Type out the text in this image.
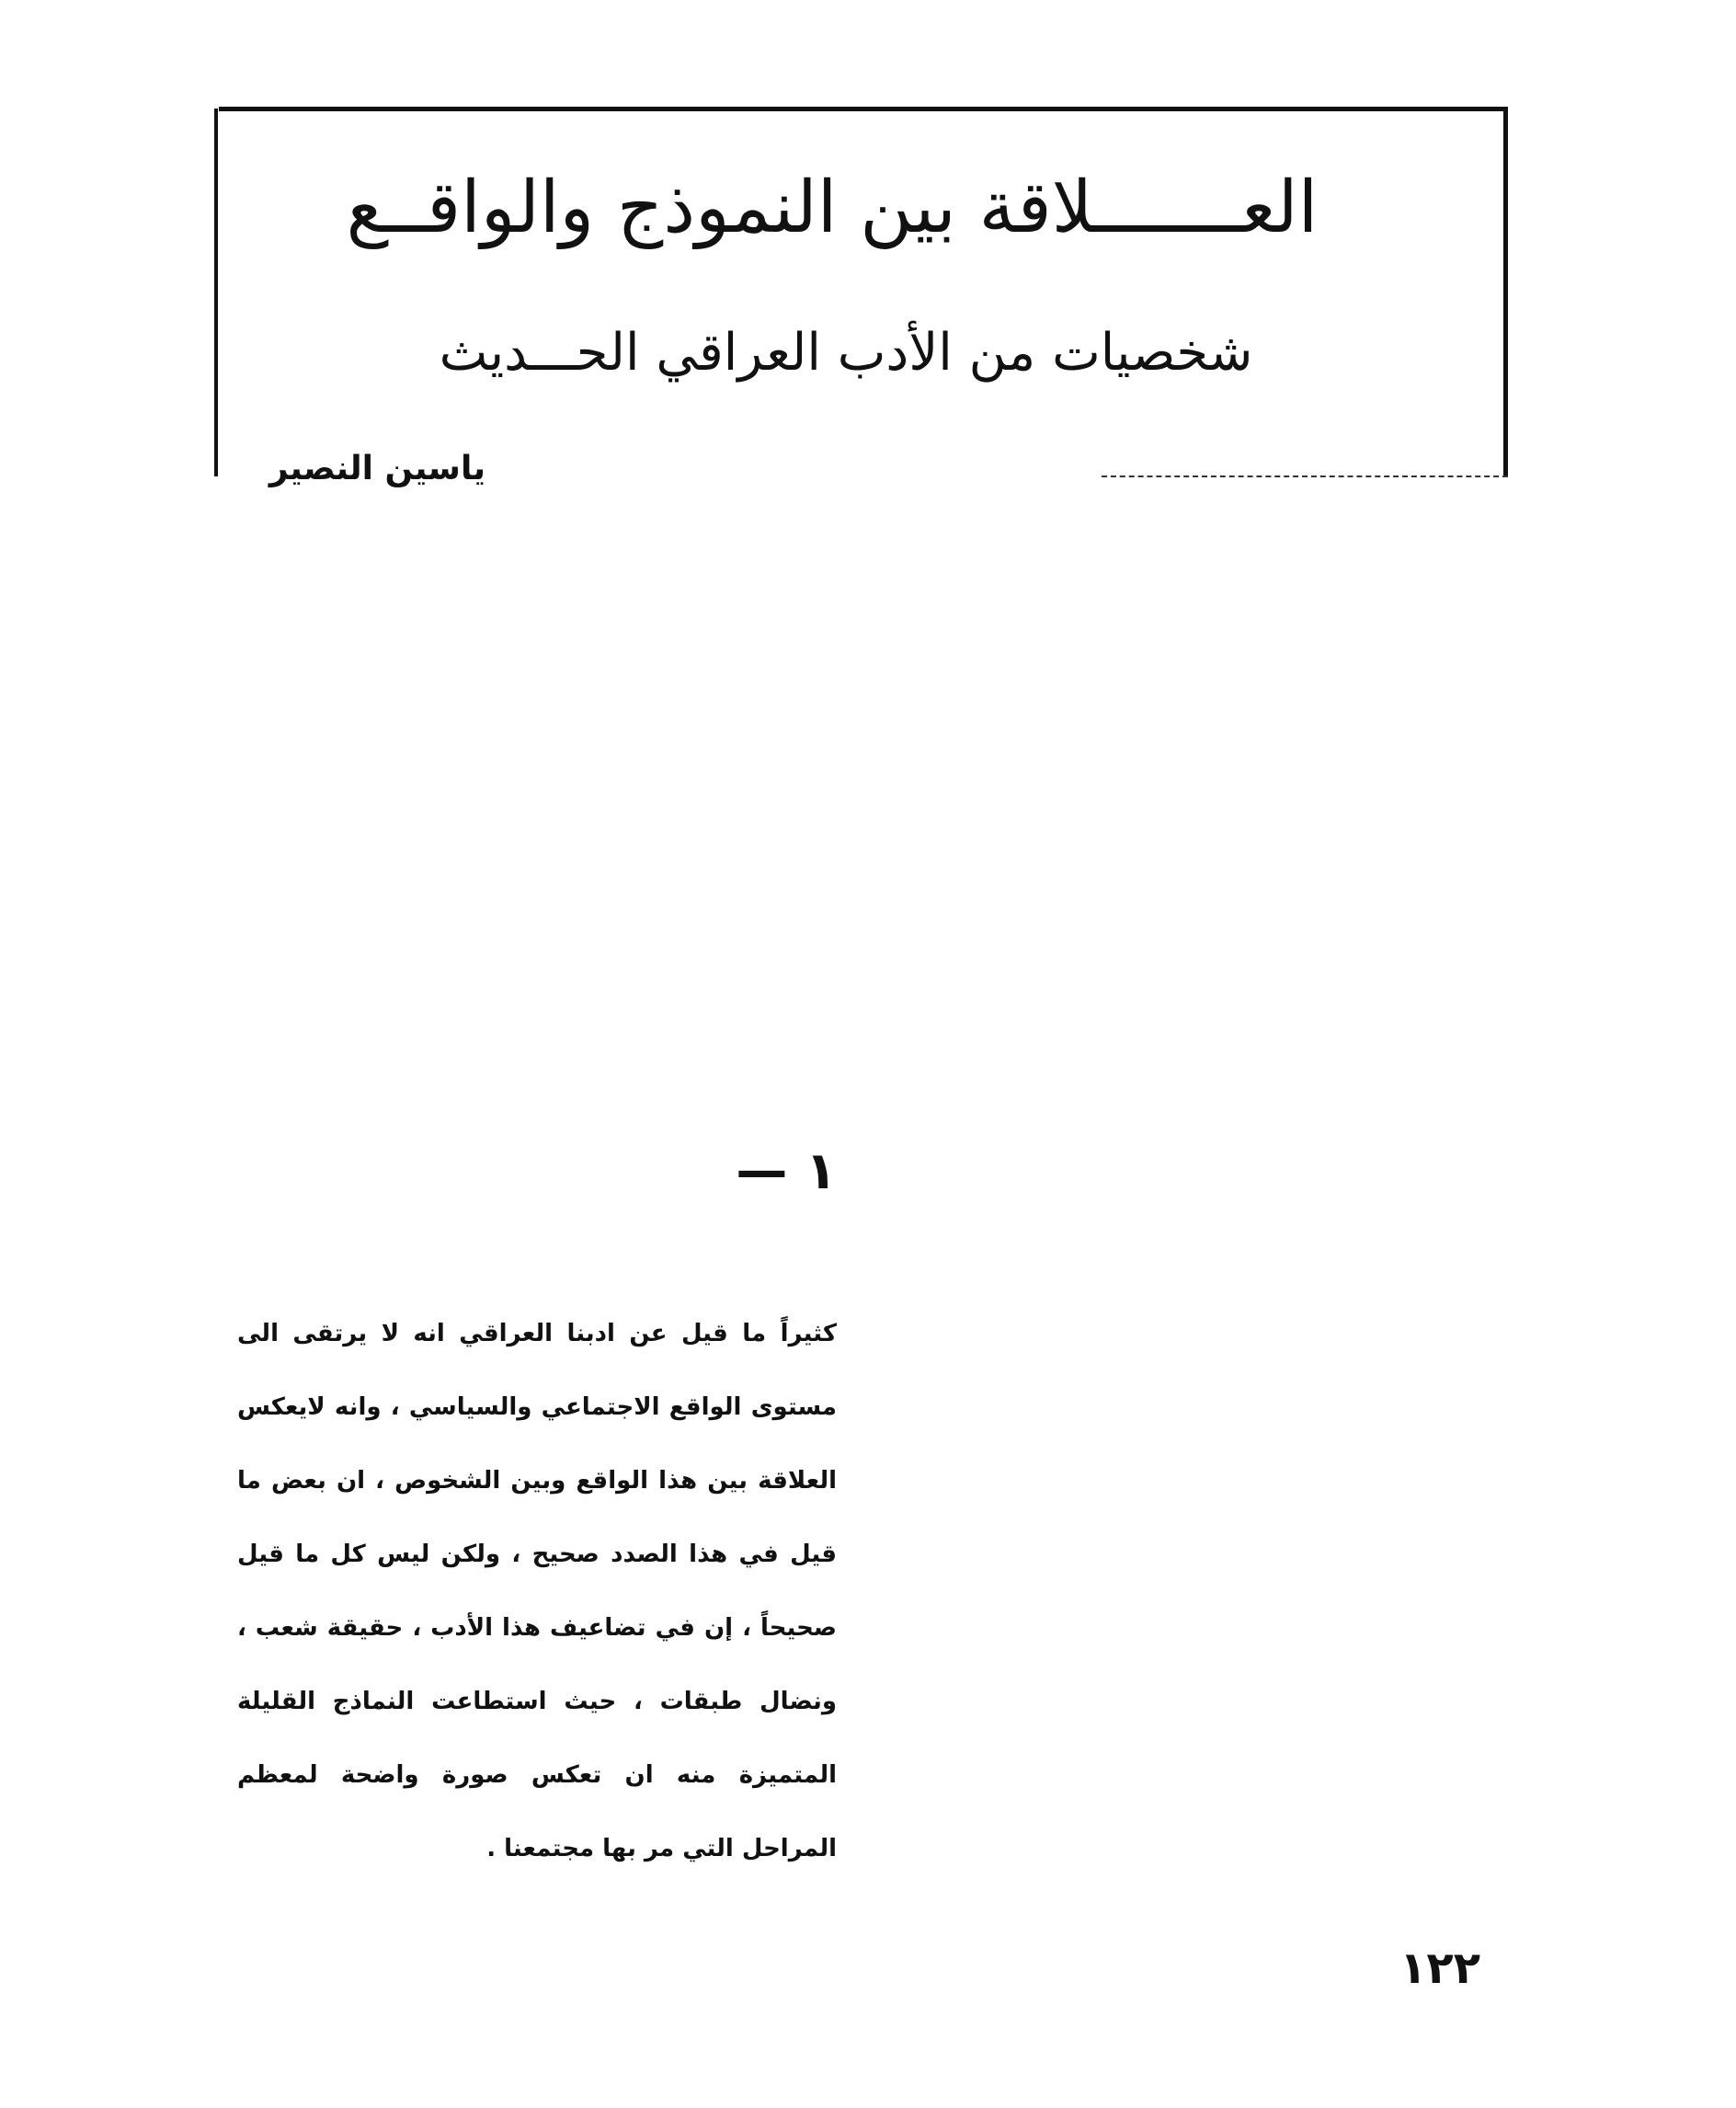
العـــــــلاقة بين النموذج والواقــع
شخصيات من الأدب العراقي الحـــديث
ياسين النصير
١ —

كثيراً ما قيل عن ادبنا العراقي انه لا يرتقى الى مستوى الواقع الاجتماعي والسياسي ، وانه لايعكس العلاقة بين هذا الواقع وبين الشخوص ، ان بعض ما قيل في هذا الصدد صحيح ، ولكن ليس كل ما قيل صحيحاً ، إن في تضاعيف هذا الأدب ، حقيقة شعب ، ونضال طبقات ، حيث استطاعت النماذج القليلة المتميزة منه ان تعكس صورة واضحة لمعظم المراحل التي مر بها مجتمعنا .

١٢٢
